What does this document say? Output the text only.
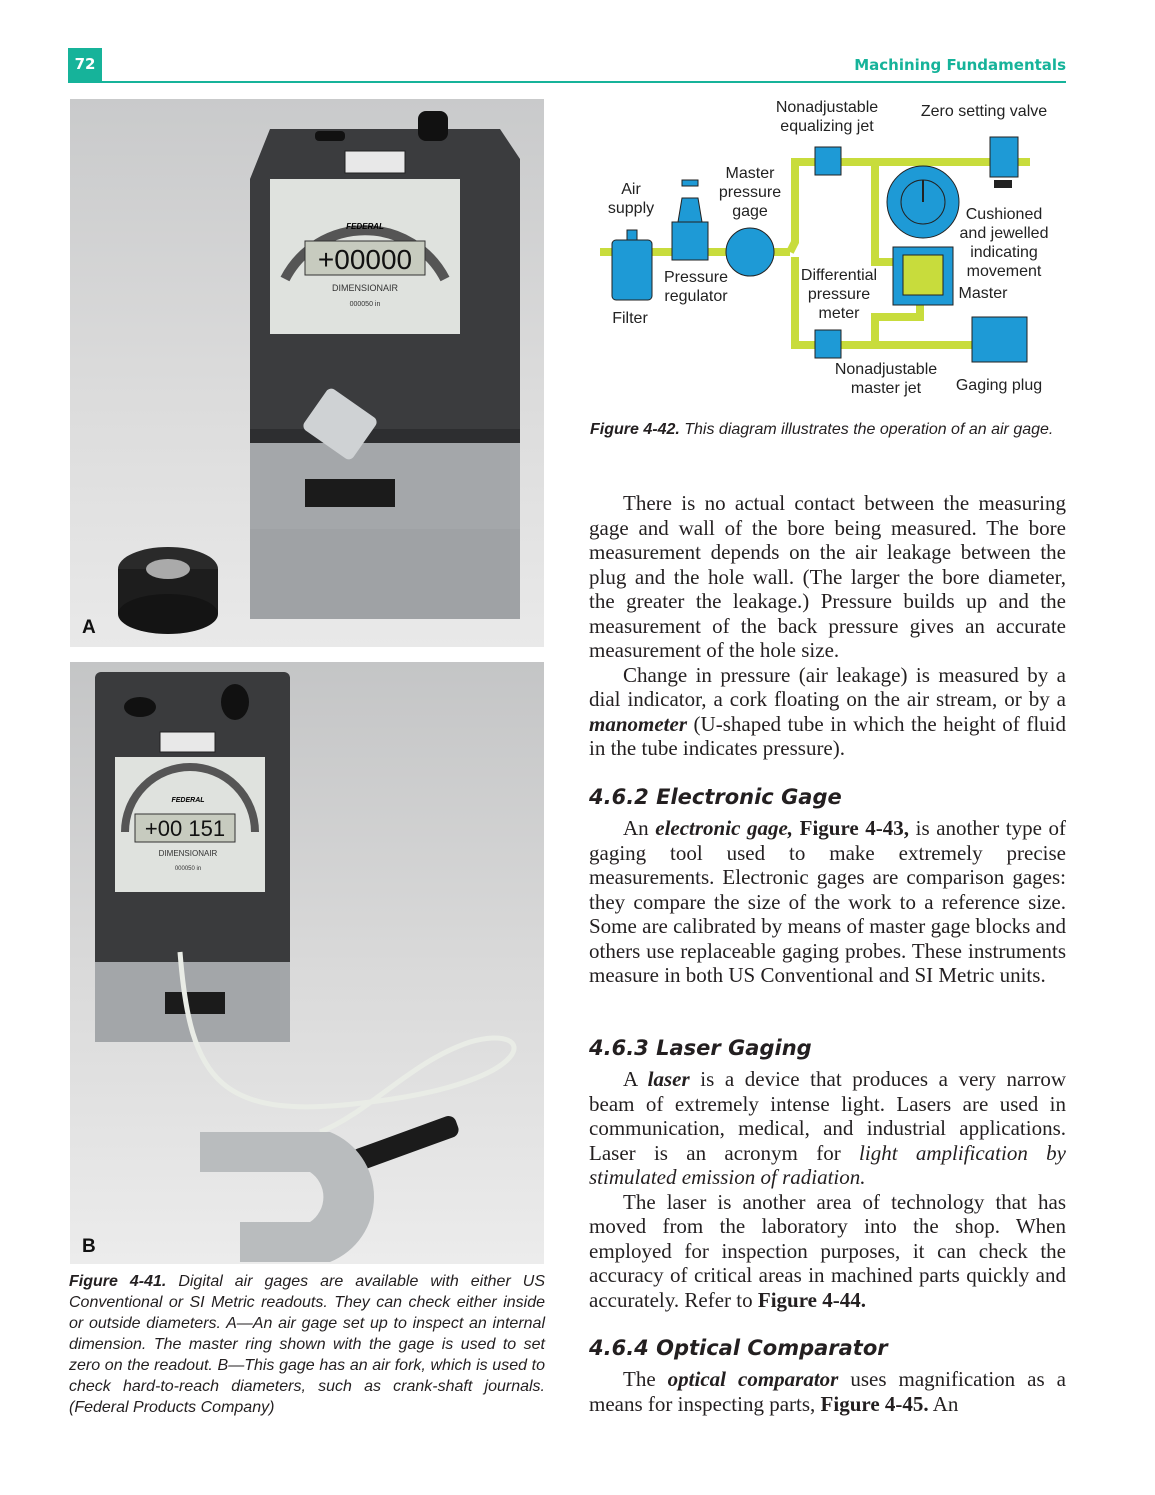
72	Machining Fundamentals
FEDERAL
+00000
DIMENSIONAIR
000050 in
A
FEDERAL
+00 151
DIMENSIONAIR
000050 in
B
Figure 4-41. Digital air gages are available with either US Conventional or SI Metric readouts. They can check either inside or outside diameters. A—An air gage set up to inspect an internal dimension. The master ring shown with the gage is used to set zero on the readout. B—This gage has an air fork, which is used to check hard-to-reach diameters, such as crank-shaft journals. (Federal Products Company)
Nonadjustable
equalizing jet
Zero setting valve
Master
pressure
gage
Air
supply	Cushioned
and jewelled
indicating
movement
Pressure
regulator
Differential
pressure
meter
Master
Filter
Nonadjustable
master jet Gaging plug
Figure 4-42. This diagram illustrates the operation of an air gage.

There is no actual contact between the measuring gage and wall of the bore being measured. The bore measurement depends on the air leakage between the plug and the hole wall. (The larger the bore diameter, the greater the leakage.) Pressure builds up and the measurement of the back pressure gives an accurate measurement of the hole size.

Change in pressure (air leakage) is measured by a dial indicator, a cork floating on the air stream, or by a manometer (U-shaped tube in which the height of fluid in the tube indicates pressure).

4.6.2 Electronic Gage

An electronic gage, Figure 4-43, is another type of gaging tool used to make extremely precise measurements. Electronic gages are comparison gages: they compare the size of the work to a reference size. Some are calibrated by means of master gage blocks and others use replaceable gaging probes. These instruments measure in both US Conventional and SI Metric units.

4.6.3 Laser Gaging

A laser is a device that produces a very narrow beam of extremely intense light. Lasers are used in communication, medical, and industrial applications. Laser is an acronym for light amplification by stimulated emission of radiation.

The laser is another area of technology that has moved from the laboratory into the shop. When employed for inspection purposes, it can check the accuracy of critical areas in machined parts quickly and accurately. Refer to Figure 4-44.

4.6.4 Optical Comparator

The optical comparator uses magnification as a means for inspecting parts, Figure 4-45. An
